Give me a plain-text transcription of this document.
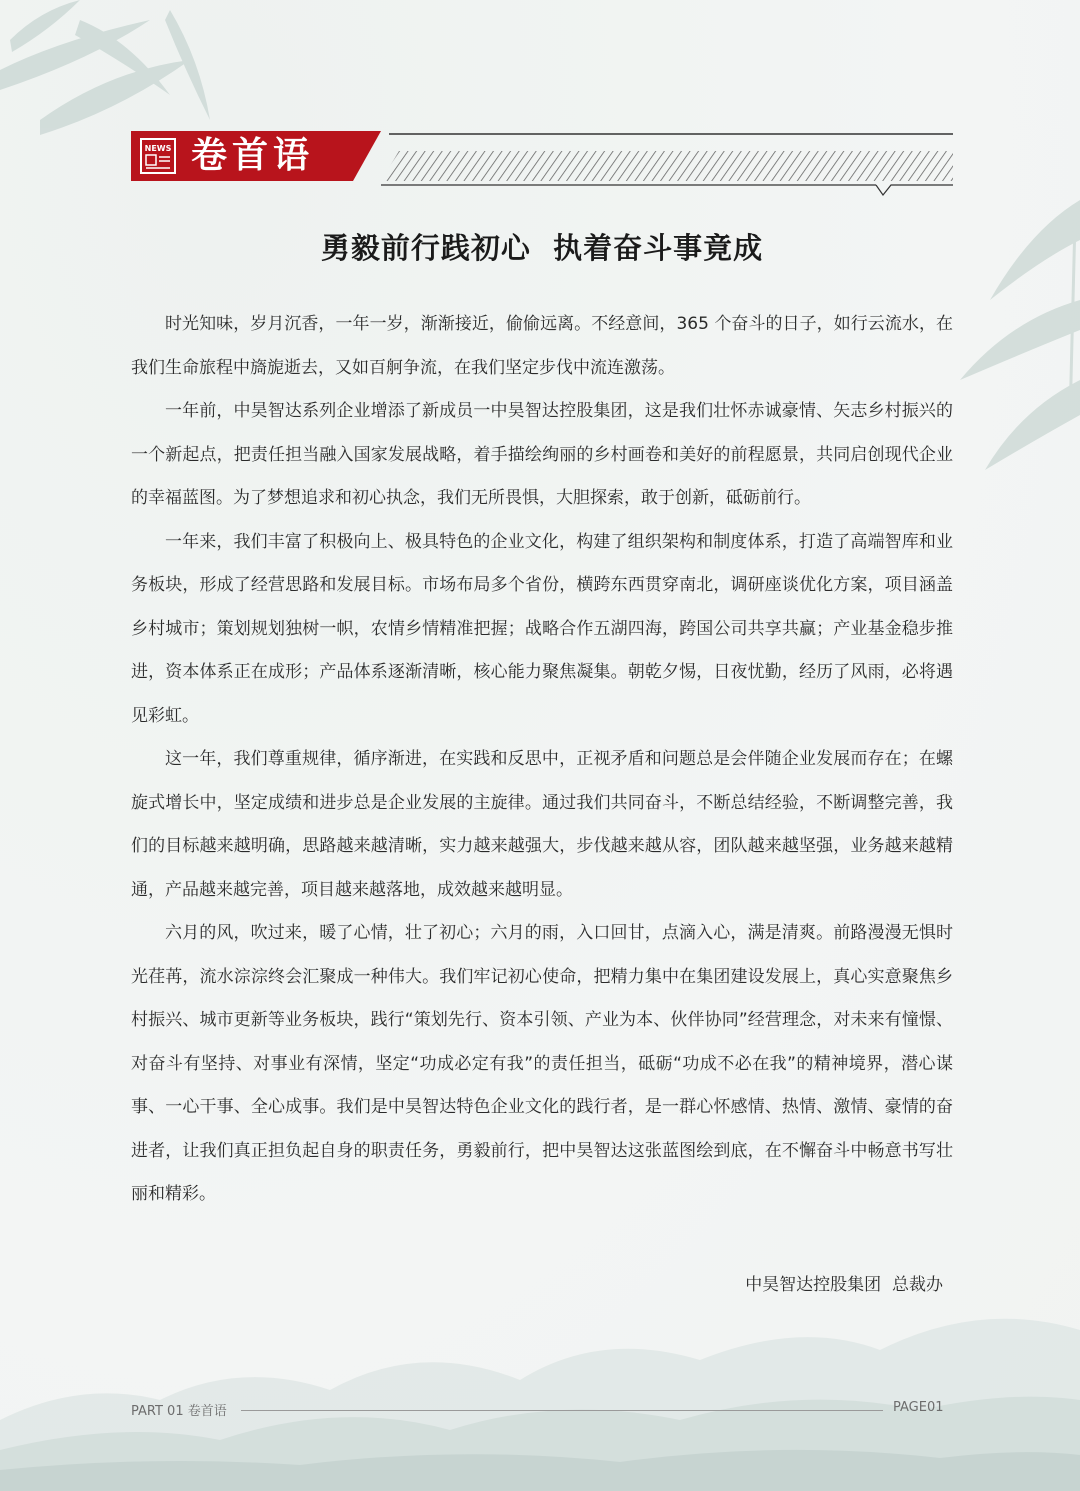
NEWS 卷首语
勇毅前行践初心  执着奋斗事竟成

时光知味，岁月沉香，一年一岁，渐渐接近，偷偷远离。不经意间，365 个奋斗的日子，如行云流水，在我们生命旅程中旖旎逝去，又如百舸争流，在我们坚定步伐中流连激荡。

一年前，中昊智达系列企业增添了新成员一中昊智达控股集团，这是我们壮怀赤诚豪情、矢志乡村振兴的一个新起点，把责任担当融入国家发展战略，着手描绘绚丽的乡村画卷和美好的前程愿景，共同启创现代企业的幸福蓝图。为了梦想追求和初心执念，我们无所畏惧，大胆探索，敢于创新，砥砺前行。

一年来，我们丰富了积极向上、极具特色的企业文化，构建了组织架构和制度体系，打造了高端智库和业务板块，形成了经营思路和发展目标。市场布局多个省份，横跨东西贯穿南北，调研座谈优化方案，项目涵盖乡村城市；策划规划独树一帜，农情乡情精准把握；战略合作五湖四海，跨国公司共享共赢；产业基金稳步推进，资本体系正在成形；产品体系逐渐清晰，核心能力聚焦凝集。朝乾夕惕，日夜忧勤，经历了风雨，必将遇见彩虹。

这一年，我们尊重规律，循序渐进，在实践和反思中，正视矛盾和问题总是会伴随企业发展而存在；在螺旋式增长中，坚定成绩和进步总是企业发展的主旋律。通过我们共同奋斗，不断总结经验，不断调整完善，我们的目标越来越明确，思路越来越清晰，实力越来越强大，步伐越来越从容，团队越来越坚强，业务越来越精通，产品越来越完善，项目越来越落地，成效越来越明显。

六月的风，吹过来，暖了心情，壮了初心；六月的雨，入口回甘，点滴入心，满是清爽。前路漫漫无惧时光荏苒，流水淙淙终会汇聚成一种伟大。我们牢记初心使命，把精力集中在集团建设发展上，真心实意聚焦乡村振兴、城市更新等业务板块，践行“策划先行、资本引领、产业为本、伙伴协同”经营理念，对未来有憧憬、对奋斗有坚持、对事业有深情，坚定“功成必定有我”的责任担当，砥砺“功成不必在我”的精神境界，潜心谋事、一心干事、全心成事。我们是中昊智达特色企业文化的践行者，是一群心怀感情、热情、激情、豪情的奋进者，让我们真正担负起自身的职责任务，勇毅前行，把中昊智达这张蓝图绘到底，在不懈奋斗中畅意书写壮丽和精彩。

中昊智达控股集团  总裁办
PART 01 卷首语	PAGE01
